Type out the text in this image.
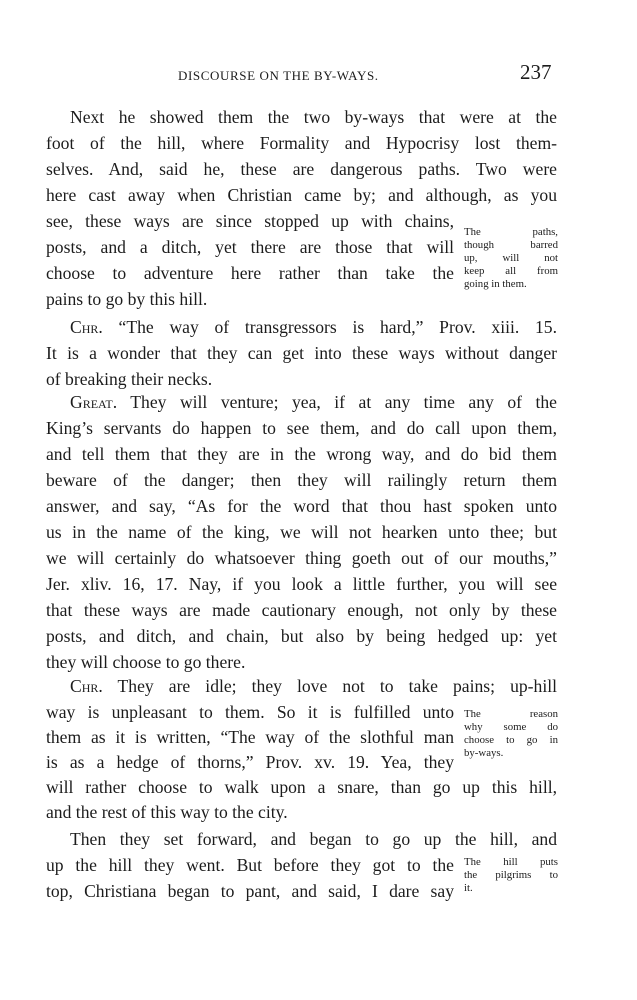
DISCOURSE ON THE BY-WAYS.	237
Next he showed them the two by-ways that were at the
foot of the hill, where Formality and Hypocrisy lost them-
selves. And, said he, these are dangerous paths. Two were
here cast away when Christian came by; and although, as you
see, these ways are since stopped up with chains,
posts, and a ditch, yet there are those that will
choose to adventure here rather than take the
pains to go by this hill.
The paths,
though barred
up, will not
keep all from
going in them.
Chr. “The way of transgressors is hard,” Prov. xiii. 15.
It is a wonder that they can get into these ways without danger
of breaking their necks.
Great. They will venture; yea, if at any time any of the
King’s servants do happen to see them, and do call upon them,
and tell them that they are in the wrong way, and do bid them
beware of the danger; then they will railingly return them
answer, and say, “As for the word that thou hast spoken unto
us in the name of the king, we will not hearken unto thee; but
we will certainly do whatsoever thing goeth out of our mouths,”
Jer. xliv. 16, 17. Nay, if you look a little further, you will see
that these ways are made cautionary enough, not only by these
posts, and ditch, and chain, but also by being hedged up: yet
they will choose to go there.
Chr. They are idle; they love not to take pains; up-hill
way is unpleasant to them. So it is fulfilled unto
them as it is written, “The way of the slothful man
is as a hedge of thorns,” Prov. xv. 19. Yea, they
will rather choose to walk upon a snare, than go up this hill,
and the rest of this way to the city.
The reason
why some do
choose to go in
by-ways.
Then they set forward, and began to go up the hill, and
up the hill they went. But before they got to the
top, Christiana began to pant, and said, I dare say
The hill puts
the pilgrims to
it.
